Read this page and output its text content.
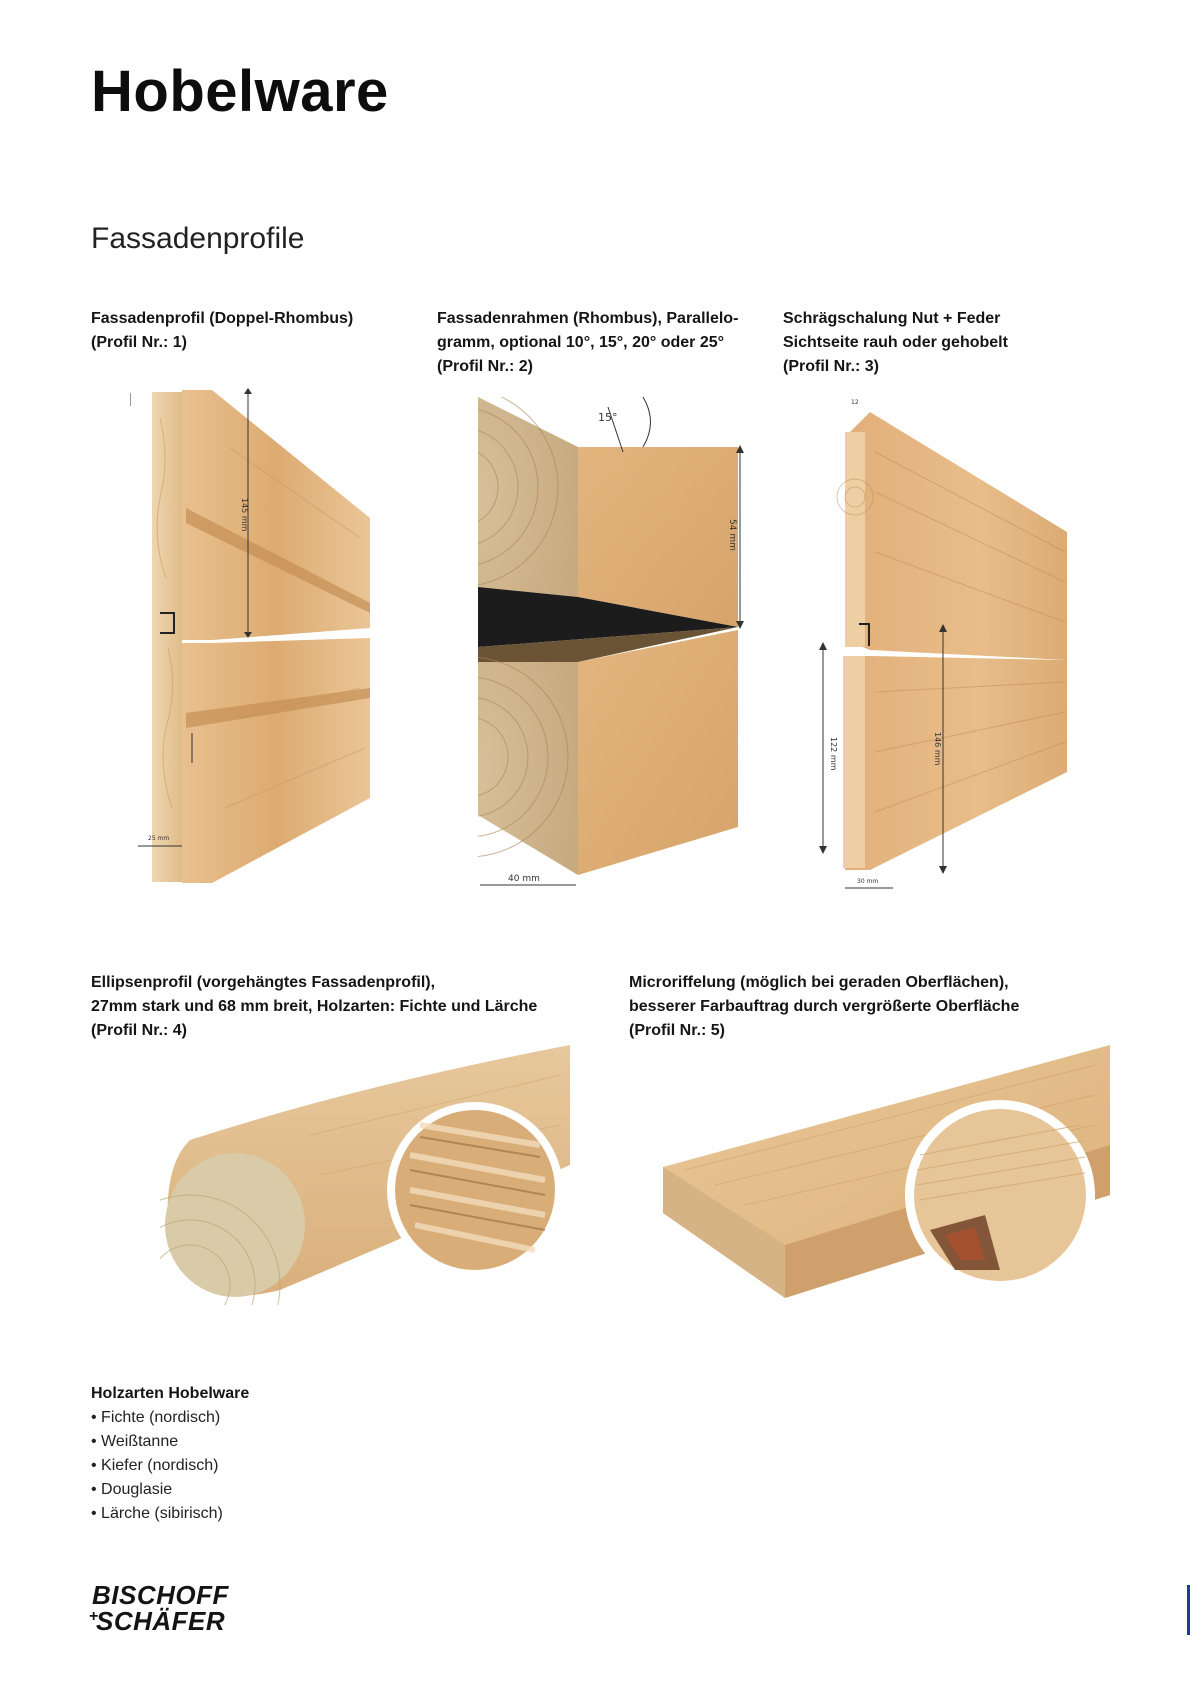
Hobelware
Fassadenprofile
Fassadenprofil (Doppel-Rhombus)
(Profil Nr.: 1)
Fassadenrahmen (Rhombus), Parallelo-
gramm, optional 10°, 15°, 20° oder 25°
(Profil Nr.: 2)
Schrägschalung Nut + Feder
Sichtseite rauh oder gehobelt
(Profil Nr.: 3)
145 mm
25 mm
54 mm
15°
40 mm
122 mm	146 mm
30 mm
12
Ellipsenprofil (vorgehängtes Fassadenprofil),
27mm stark und 68 mm breit, Holzarten: Fichte und Lärche
(Profil Nr.: 4)
Microriffelung (möglich bei geraden Oberflächen),
besserer Farbauftrag durch vergrößerte Oberfläche
(Profil Nr.: 5)
Holzarten Hobelware
• Fichte (nordisch)
• Weißtanne
• Kiefer (nordisch)
• Douglasie
• Lärche (sibirisch)
BISCHOFF
SCHÄFER
+
